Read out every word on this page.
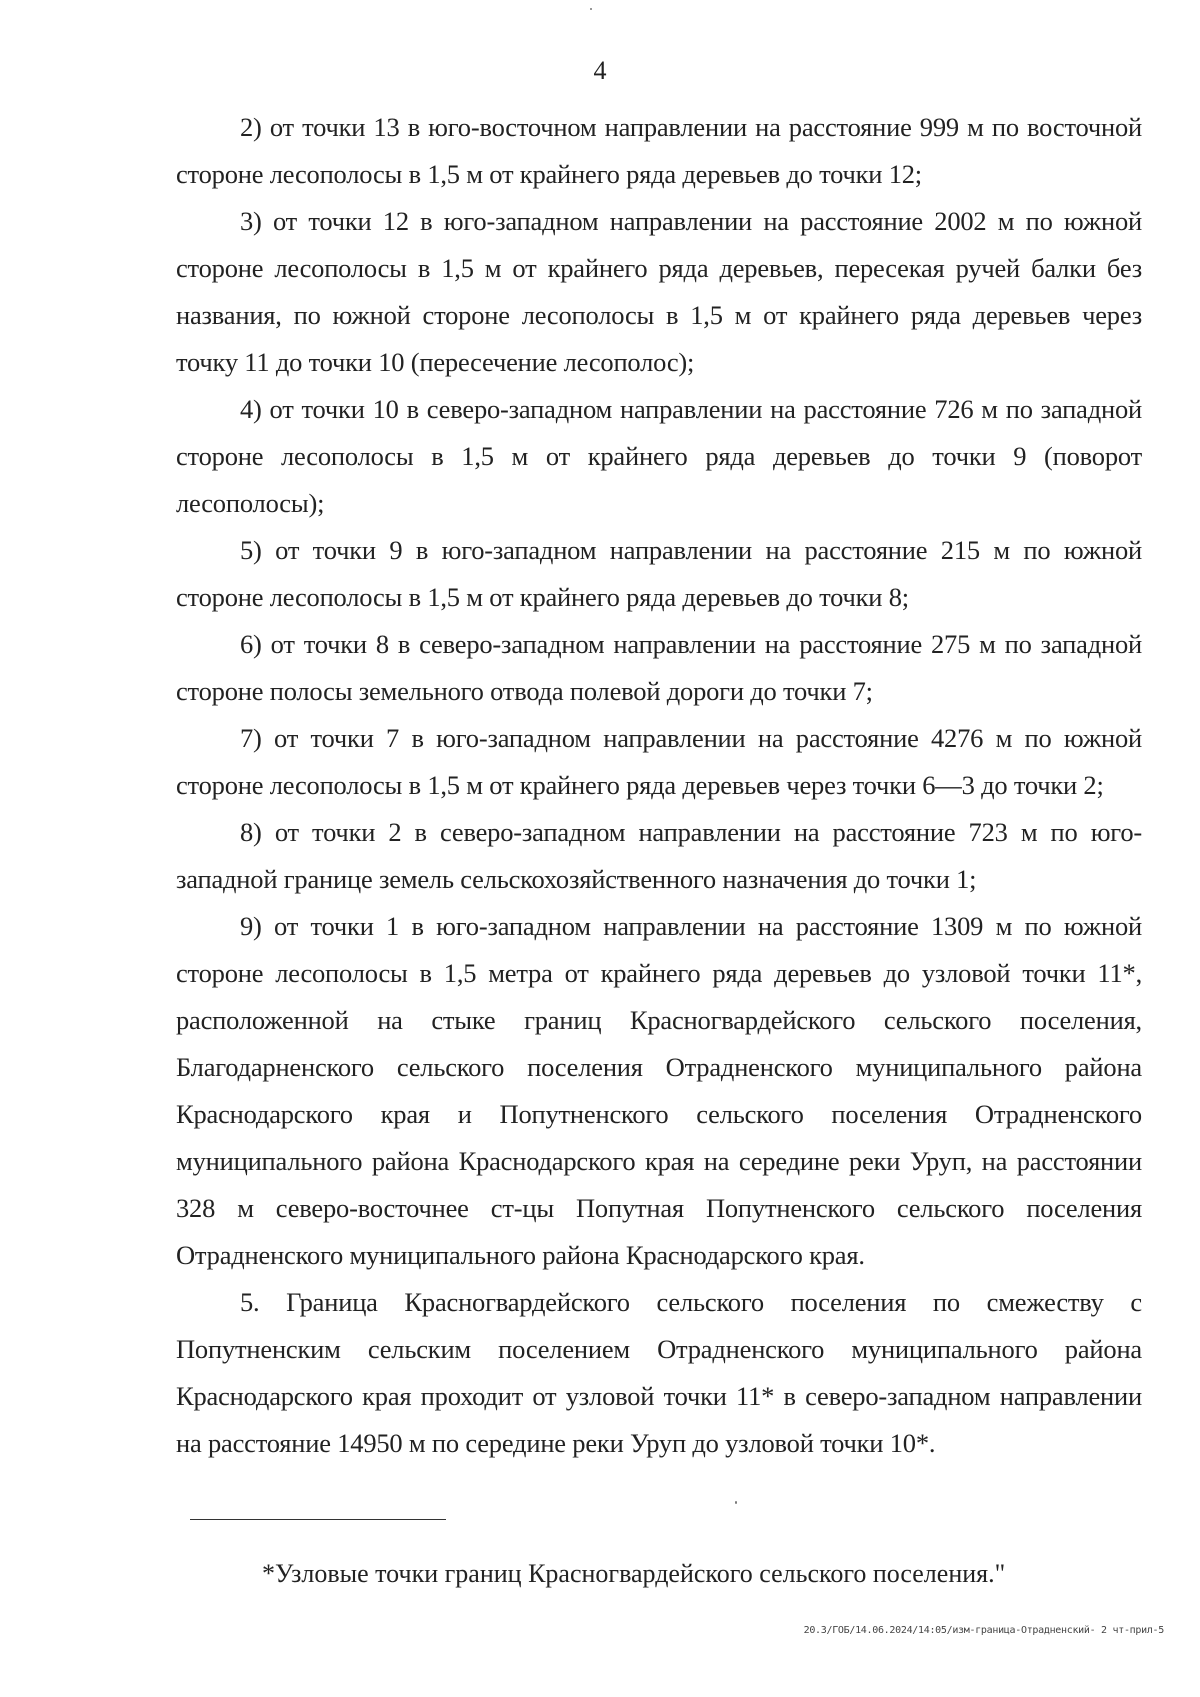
4

2) от точки 13 в юго-восточном направлении на расстояние 999 м по восточной стороне лесополосы в 1,5 м от крайнего ряда деревьев до точки 12;

3) от точки 12 в юго-западном направлении на расстояние 2002 м по южной стороне лесополосы в 1,5 м от крайнего ряда деревьев, пересекая ручей балки без названия, по южной стороне лесополосы в 1,5 м от крайнего ряда деревьев через точку 11 до точки 10 (пересечение лесополос);

4) от точки 10 в северо-западном направлении на расстояние 726 м по западной стороне лесополосы в 1,5 м от крайнего ряда деревьев до точки 9 (поворот лесополосы);

5) от точки 9 в юго-западном направлении на расстояние 215 м по южной стороне лесополосы в 1,5 м от крайнего ряда деревьев до точки 8;

6) от точки 8 в северо-западном направлении на расстояние 275 м по западной стороне полосы земельного отвода полевой дороги до точки 7;

7) от точки 7 в юго-западном направлении на расстояние 4276 м по южной стороне лесополосы в 1,5 м от крайнего ряда деревьев через точки 6—3 до точки 2;

8) от точки 2 в северо-западном направлении на расстояние 723 м по юго-западной границе земель сельскохозяйственного назначения до точки 1;

9) от точки 1 в юго-западном направлении на расстояние 1309 м по южной стороне лесополосы в 1,5 метра от крайнего ряда деревьев до узловой точки 11*, расположенной на стыке границ Красногвардейского сельского поселения, Благодарненского сельского поселения Отрадненского муниципального района Краснодарского края и Попутненского сельского поселения Отрадненского муниципального района Краснодарского края на середине реки Уруп, на расстоянии 328 м северо-восточнее ст-цы Попутная Попутненского сельского поселения Отрадненского муниципального района Краснодарского края.

5. Граница Красногвардейского сельского поселения по смежеству с Попутненским сельским поселением Отрадненского муниципального района Краснодарского края проходит от узловой точки 11* в северо-западном направлении на расстояние 14950 м по середине реки Уруп до узловой точки 10*.

*Узловые точки границ Красногвардейского сельского поселения."
20.3/ГОБ/14.06.2024/14:05/изм-граница-Отрадненский- 2 чт-прил-5
